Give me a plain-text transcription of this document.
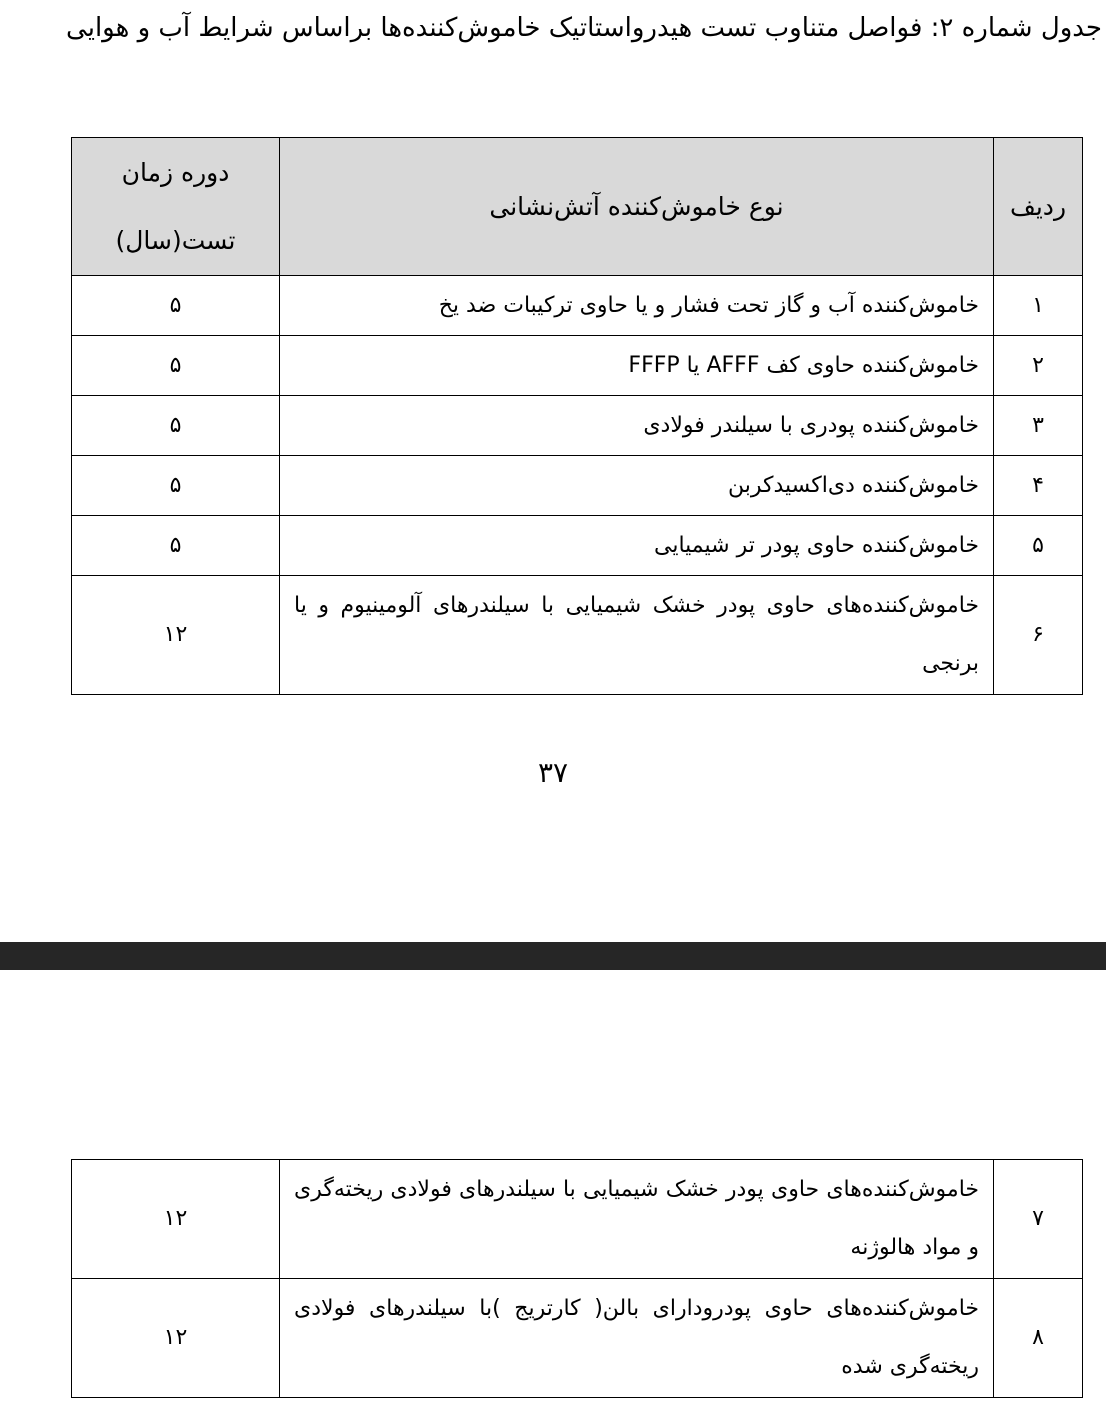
جدول شماره ۲: فواصل متناوب تست هیدرواستاتیک خاموش‌کننده‌ها براساس شرایط آب و هوایی
ردیف	نوع خاموش‌کننده آتش‌نشانی	دوره زمان تست(سال)
۱	خاموش‌کننده آب و گاز تحت فشار و یا حاوی ترکیبات ضد یخ	۵
۲	خاموش‌کننده حاوی کف AFFF یا FFFP	۵
۳	خاموش‌کننده پودری با سیلندر فولادی	۵
۴	خاموش‌کننده دی‌اکسیدکربن	۵
۵	خاموش‌کننده حاوی پودر تر شیمیایی	۵
۶	خاموش‌کننده‌های حاوی پودر خشک شیمیایی با سیلندرهای آلومینیوم و یا برنجی	۱۲
۳۷
۷	خاموش‌کننده‌های حاوی پودر خشک شیمیایی با سیلندرهای فولادی ریخته‌گری و مواد هالوژنه	۱۲
۸	خاموش‌کننده‌های حاوی پودرودارای بالن( کارتریج )با سیلندرهای فولادی ریخته‌گری شده	۱۲
